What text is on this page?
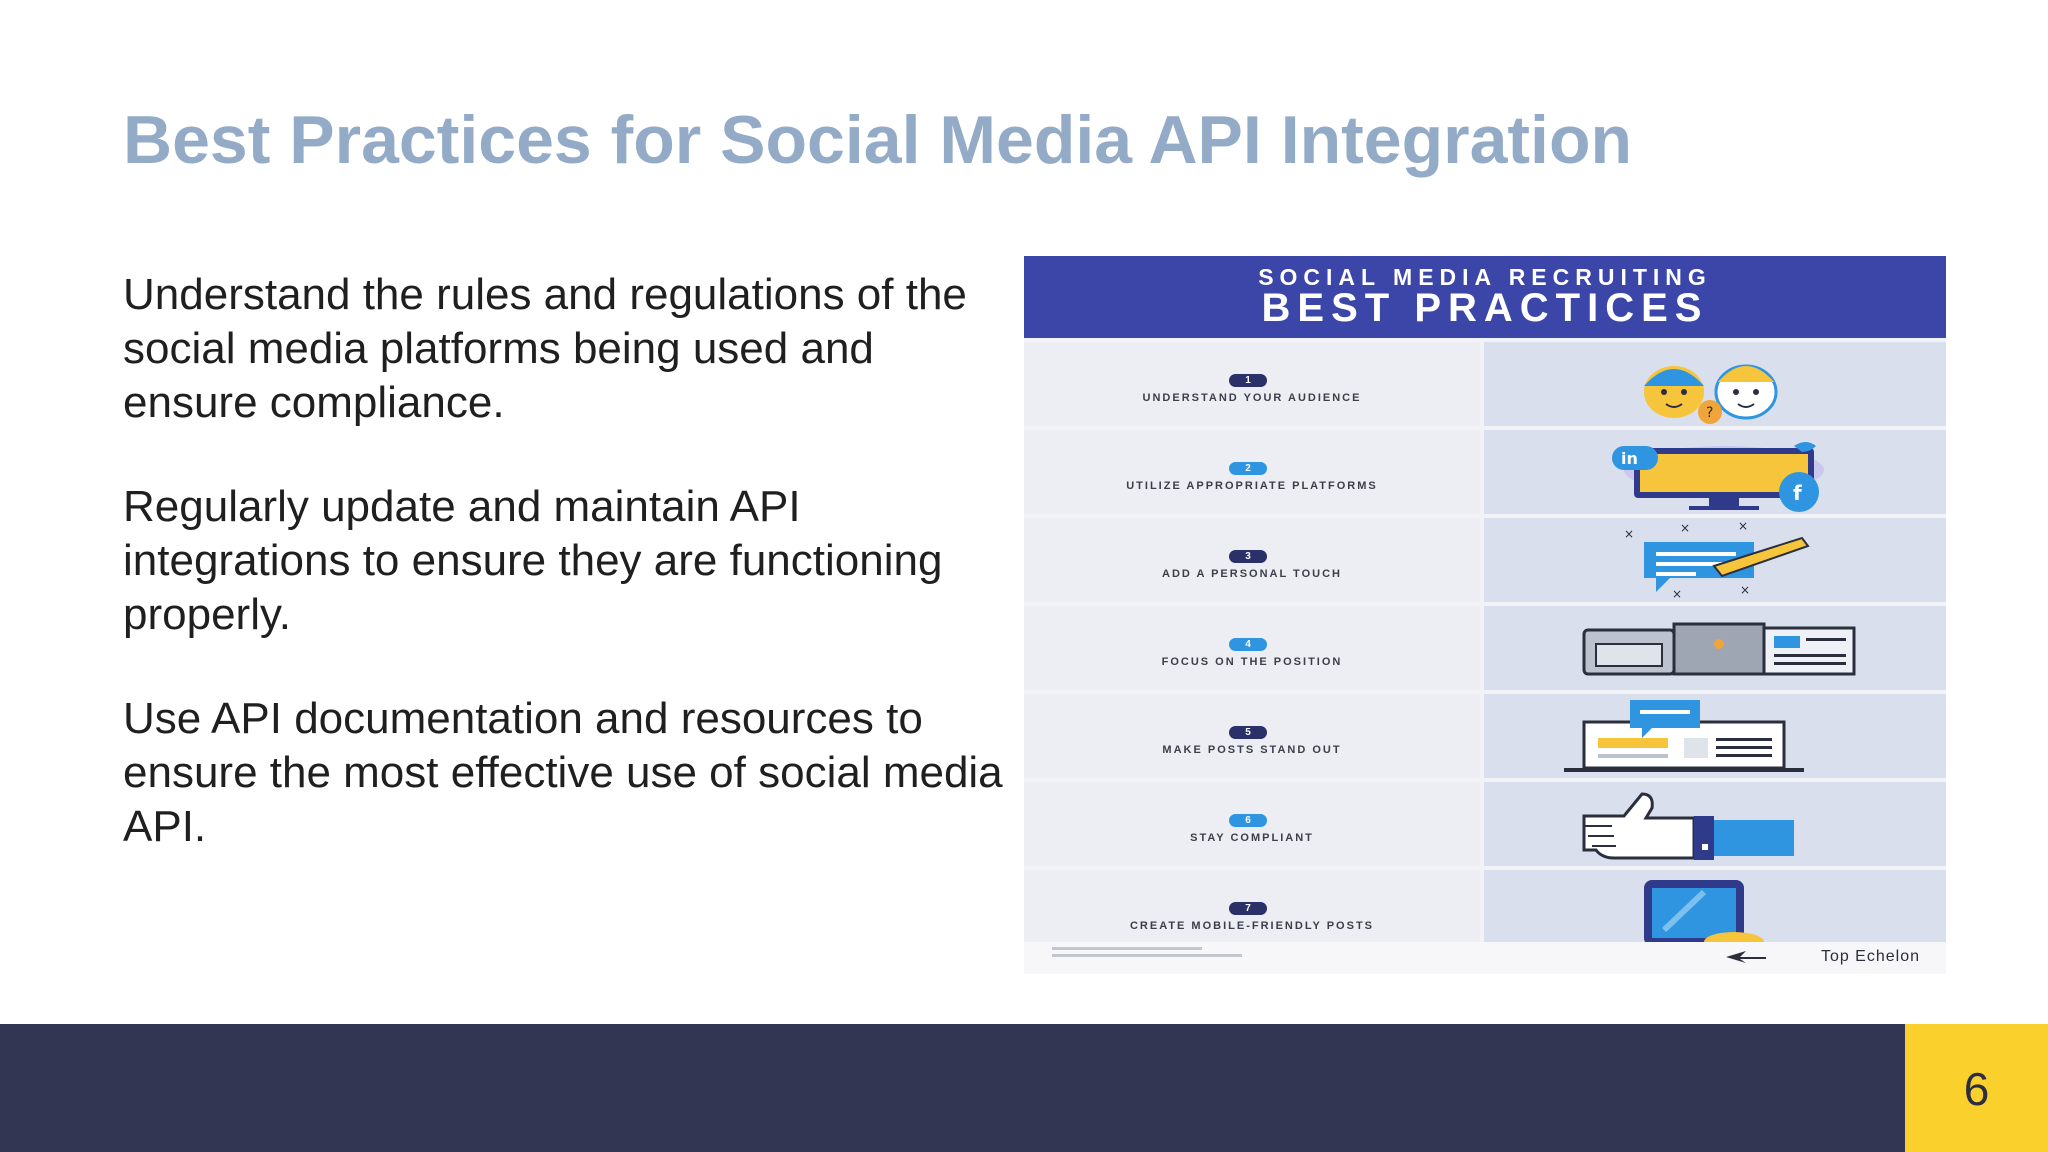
Best Practices for Social Media API Integration

Understand the rules and regulations of the social media platforms being used and ensure compliance.

Regularly update and maintain API integrations to ensure they are functioning properly.

Use API documentation and resources to ensure the most effective use of social media API.

SOCIAL MEDIA RECRUITING
BEST PRACTICES
1
UNDERSTAND YOUR AUDIENCE
?
2
UTILIZE APPROPRIATE PLATFORMS
in
f
3
ADD A PERSONAL TOUCH
×	×	×
×	×
4
FOCUS ON THE POSITION
5
MAKE POSTS STAND OUT
6
STAY COMPLIANT
7
CREATE MOBILE-FRIENDLY POSTS
Top Echelon
6
